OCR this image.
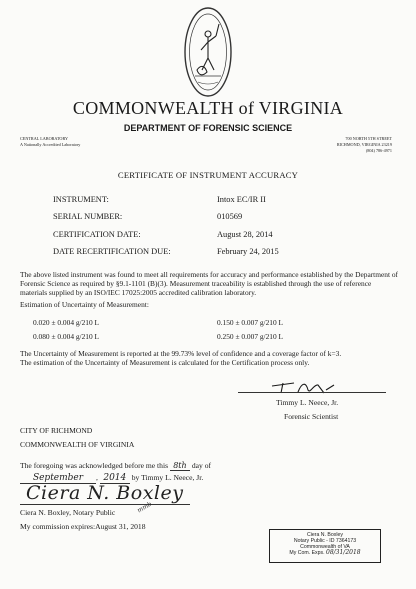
COMMONWEALTH of VIRGINIA
DEPARTMENT OF FORENSIC SCIENCE
CENTRAL LABORATORY
A Nationally Accredited Laboratory
700 NORTH 5TH STREET
RICHMOND, VIRGINIA 23219
(804) 786-4971
CERTIFICATE OF INSTRUMENT ACCURACY
INSTRUMENT:	Intox EC/IR II
SERIAL NUMBER:	010569
CERTIFICATION DATE:	August 28, 2014
DATE RECERTIFICATION DUE:	February 24, 2015
The above listed instrument was found to meet all requirements for accuracy and performance established by the Department of Forensic Science as required by §9.1-1101 (B)(3). Measurement traceability is established through the use of reference materials supplied by an ISO/IEC 17025:2005 accredited calibration laboratory.
Estimation of Uncertainty of Measurement:
0.020 ± 0.004 g/210 L	0.150 ± 0.007 g/210 L
0.080 ± 0.004 g/210 L	0.250 ± 0.007 g/210 L
The Uncertainty of Measurement is reported at the 99.73% level of confidence and a coverage factor of k=3.
The estimation of the Uncertainty of Measurement is calculated for the Certification process only.
Timmy L. Neece, Jr.
Forensic Scientist
CITY OF RICHMOND
COMMONWEALTH OF VIRGINIA
The foregoing was acknowledged before me this 8th day of
September , 2014 by Timmy L. Neece, Jr.
Ciera N. Boxley
mmb
Ciera N. Boxley, Notary Public
My commission expires:August 31, 2018
Ciera N. Boxley
Notary Public - ID 7364173
Commonwealth of VA
My Com. Exps. 08/31/2018
